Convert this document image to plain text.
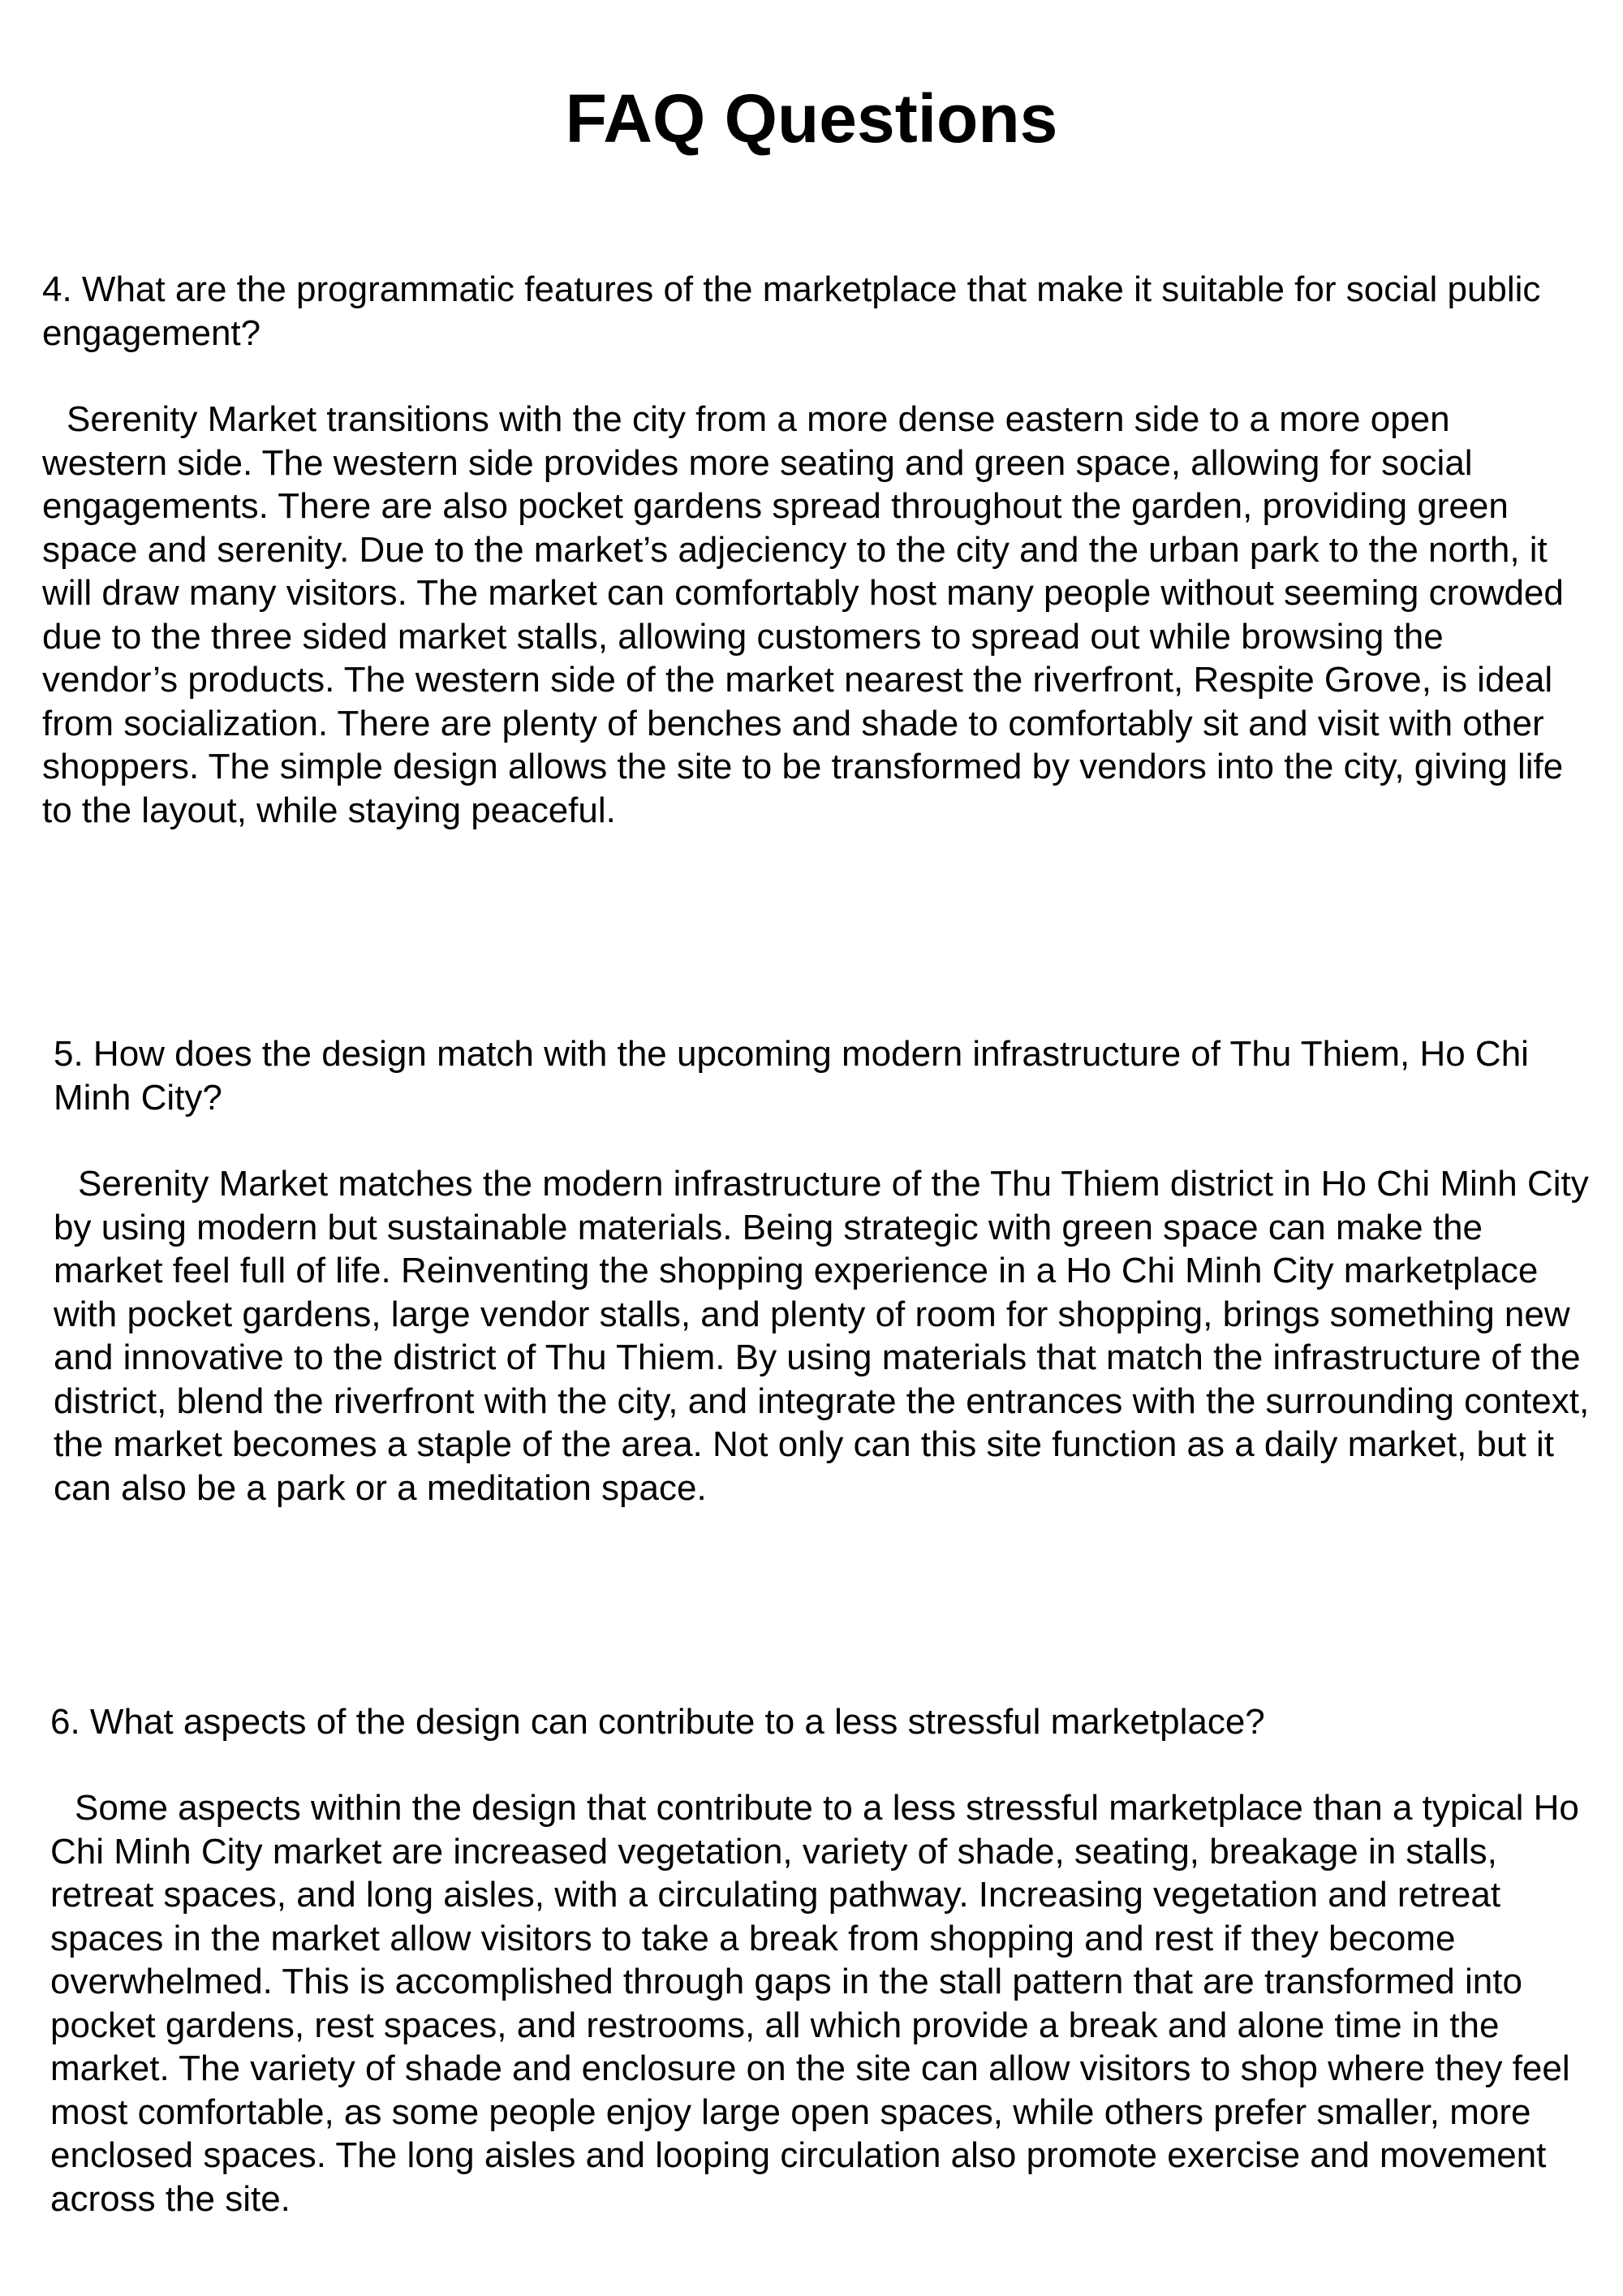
FAQ Questions

4. What are the programmatic features of the marketplace that make it suitable for social public engagement?

Serenity Market transitions with the city from a more dense eastern side to a more open western side. The western side provides more seating and green space, allowing for social engagements. There are also pocket gardens spread throughout the garden, providing green space and serenity. Due to the market’s adjeciency to the city and the urban park to the north, it will draw many visitors. The market can comfortably host many people without seeming crowded due to the three sided market stalls, allowing customers to spread out while browsing the vendor’s products. The western side of the market nearest the riverfront, Respite Grove, is ideal from socialization. There are plenty of benches and shade to comfortably sit and visit with other shoppers. The simple design allows the site to be transformed by vendors into the city, giving life to the layout, while staying peaceful.

5. How does the design match with the upcoming modern infrastructure of Thu Thiem, Ho Chi Minh City?

Serenity Market matches the modern infrastructure of the Thu Thiem district in Ho Chi Minh City by using modern but sustainable materials. Being strategic with green space can make the market feel full of life. Reinventing the shopping experience in a Ho Chi Minh City marketplace with pocket gardens, large vendor stalls, and plenty of room for shopping, brings something new and innovative to the district of Thu Thiem. By using materials that match the infrastructure of the district, blend the riverfront with the city, and integrate the entrances with the surrounding context, the market becomes a staple of the area. Not only can this site function as a daily market, but it can also be a park or a meditation space.

6. What aspects of the design can contribute to a less stressful marketplace?

Some aspects within the design that contribute to a less stressful marketplace than a typical Ho Chi Minh City market are increased vegetation, variety of shade, seating, breakage in stalls, retreat spaces, and long aisles, with a circulating pathway. Increasing vegetation and retreat spaces in the market allow visitors to take a break from shopping and rest if they become overwhelmed. This is accomplished through gaps in the stall pattern that are transformed into pocket gardens, rest spaces, and restrooms, all which provide a break and alone time in the market. The variety of shade and enclosure on the site can allow visitors to shop where they feel most comfortable, as some people enjoy large open spaces, while others prefer smaller, more enclosed spaces. The long aisles and looping circulation also promote exercise and movement across the site.
